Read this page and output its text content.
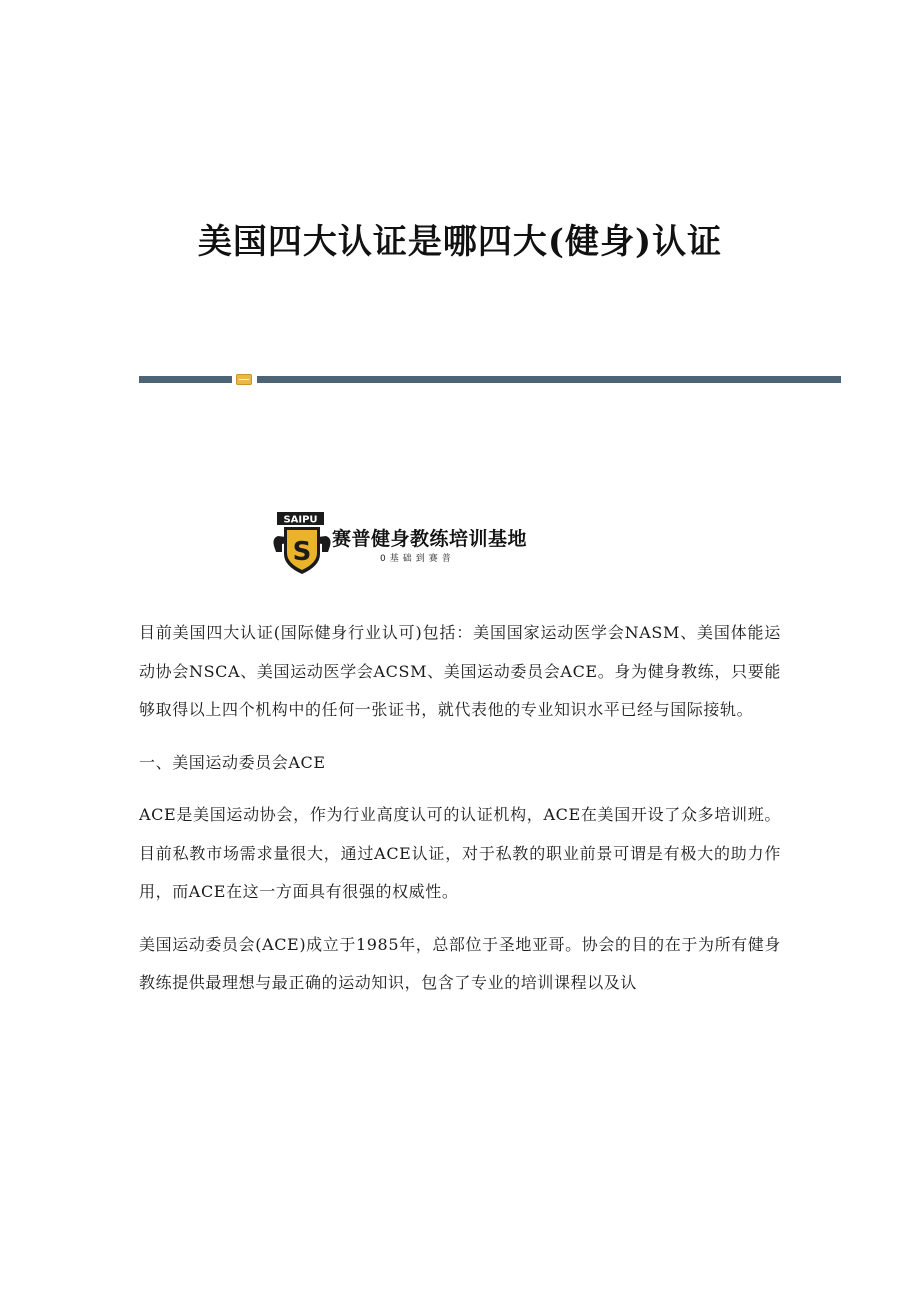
美国四大认证是哪四大(健身)认证
SAIPU
S 赛普健身教练培训基地
0基础到赛普

目前美国四大认证(国际健身行业认可)包括：美国国家运动医学会NASM、美国体能运动协会NSCA、美国运动医学会ACSM、美国运动委员会ACE。身为健身教练，只要能够取得以上四个机构中的任何一张证书，就代表他的专业知识水平已经与国际接轨。

一、美国运动委员会ACE

ACE是美国运动协会，作为行业高度认可的认证机构，ACE在美国开设了众多培训班。目前私教市场需求量很大，通过ACE认证，对于私教的职业前景可谓是有极大的助力作用，而ACE在这一方面具有很强的权威性。

美国运动委员会(ACE)成立于1985年，总部位于圣地亚哥。协会的目的在于为所有健身教练提供最理想与最正确的运动知识，包含了专业的培训课程以及认
